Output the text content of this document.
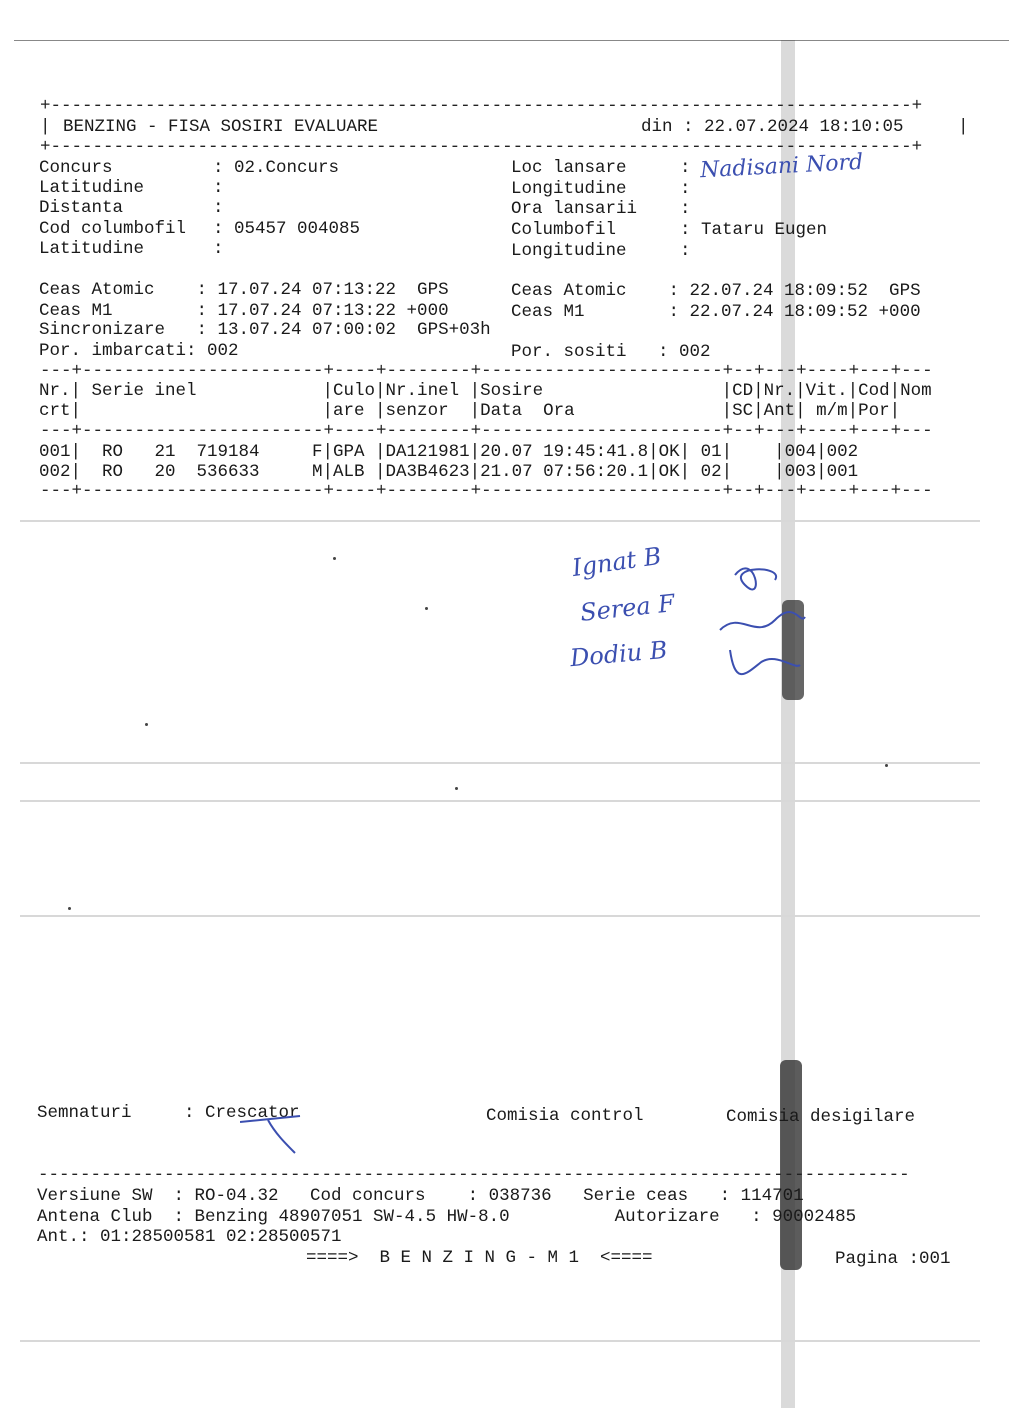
+----------------------------------------------------------------------------------+
| BENZING - FISA SOSIRI EVALUARE	din : 22.07.2024 18:10:05	|
+----------------------------------------------------------------------------------+
Concurs : 02.Concurs
Latitudine :
Distanta :
Cod columbofil : 05457 004085
Latitudine :
Loc lansare :
Longitudine :
Ora lansarii :
Columbofil : Tataru Eugen
Longitudine :
Nadisani Nord
Ceas Atomic    : 17.07.24 07:13:22  GPS
Ceas M1        : 17.07.24 07:13:22 +000
Sincronizare   : 13.07.24 07:00:02  GPS+03h
Por. imbarcati: 002
Ceas Atomic    : 22.07.24 18:09:52  GPS
Ceas M1        : 22.07.24 18:09:52 +000
Por. sositi   : 002
---+-----------------------+----+--------+-----------------------+--+---+----+---+---
Nr.| Serie inel            |Culo|Nr.inel |Sosire                 |CD|Nr.|Vit.|Cod|Nom
crt|                       |are |senzor  |Data  Ora              |SC|Ant| m/m|Por|
---+-----------------------+----+--------+-----------------------+--+---+----+---+---
001|  RO   21  719184     F|GPA |DA121981|20.07 19:45:41.8|OK| 01|    |004|002
002|  RO   20  536633     M|ALB |DA3B4623|21.07 07:56:20.1|OK| 02|    |003|001
---+-----------------------+----+--------+-----------------------+--+---+----+---+---
Ignat B
Serea F
Dodiu B
Semnaturi     : Crescator	Comisia control	Comisia desigilare
-----------------------------------------------------------------------------------
Versiune SW  : RO-04.32   Cod concurs    : 038736   Serie ceas   : 114701
Antena Club  : Benzing 48907051 SW-4.5 HW-8.0          Autorizare   : 90002485
Ant.: 01:28500581 02:28500571
====>  B E N Z I N G - M 1  <====	Pagina :001
